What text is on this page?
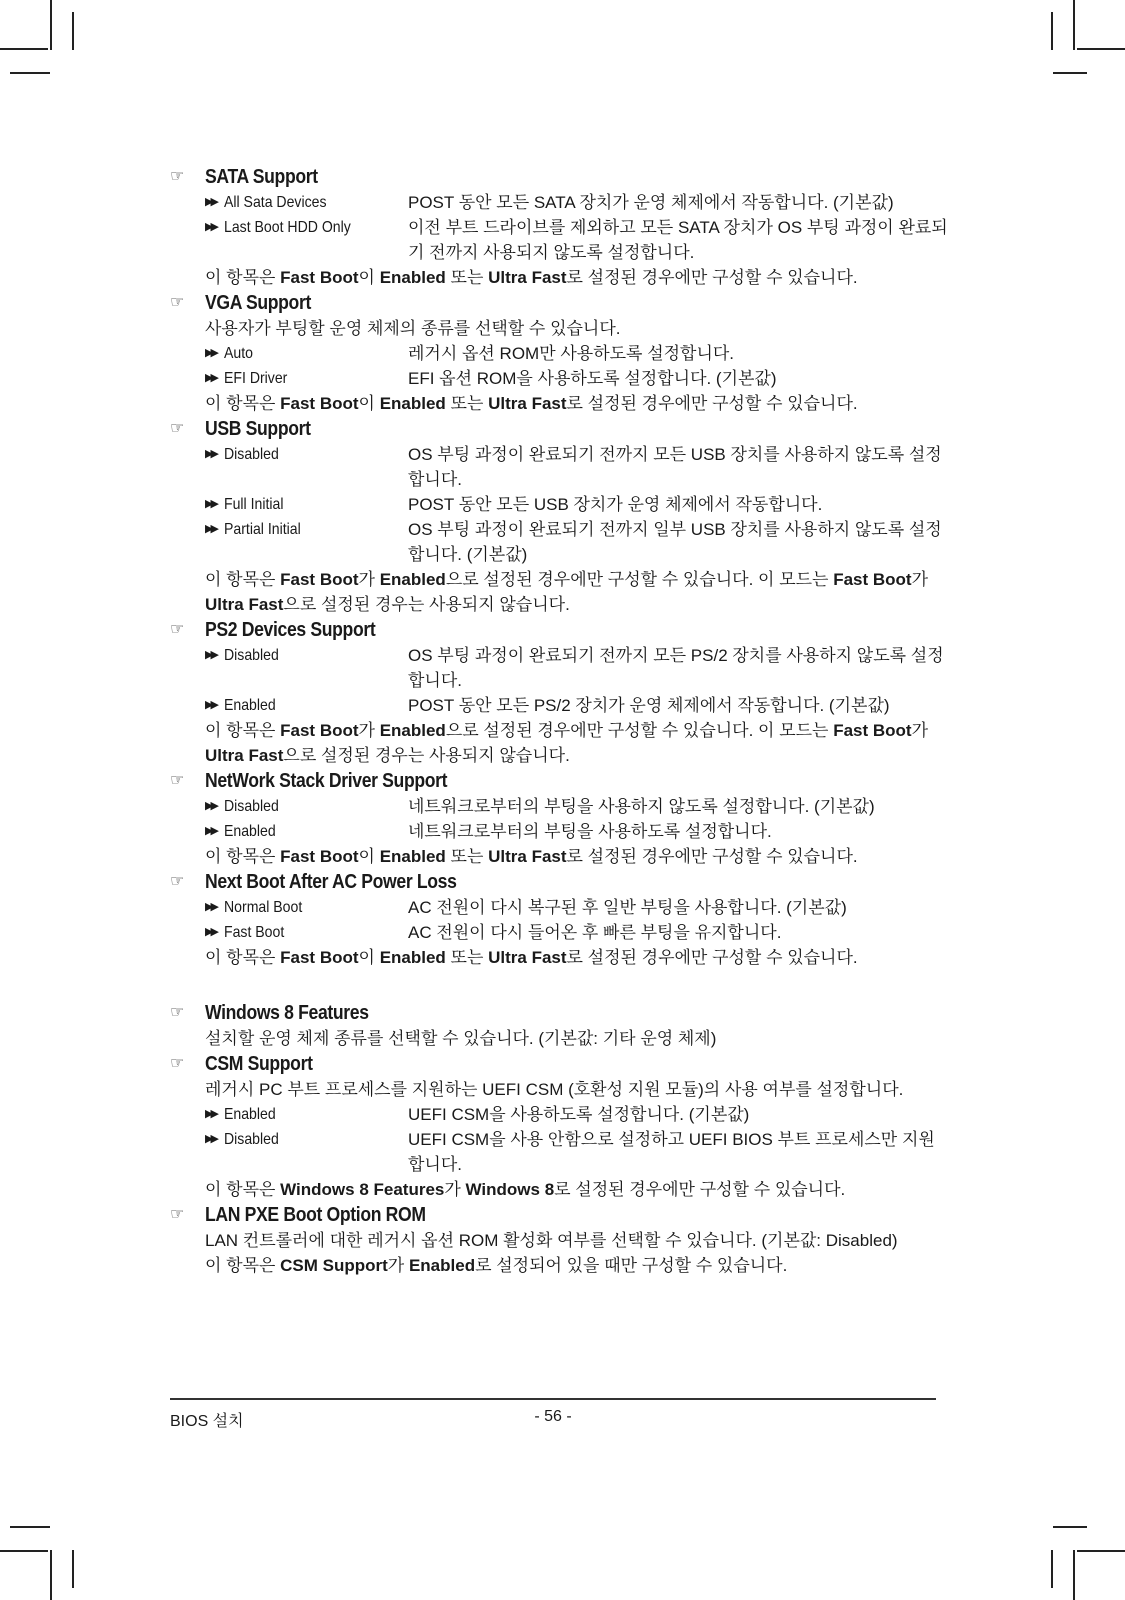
☞ SATA Support
▶▶ All Sata Devices	POST 동안 모든 SATA 장치가 운영 체제에서 작동합니다. (기본값)
▶▶ Last Boot HDD Only	이전 부트 드라이브를 제외하고 모든 SATA 장치가 OS 부팅 과정이 완료되기 전까지 사용되지 않도록 설정합니다.
이 항목은 Fast Boot이 Enabled 또는 Ultra Fast로 설정된 경우에만 구성할 수 있습니다.
☞ VGA Support
사용자가 부팅할 운영 체제의 종류를 선택할 수 있습니다.
▶▶ Auto	레거시 옵션 ROM만 사용하도록 설정합니다.
▶▶ EFI Driver	EFI 옵션 ROM을 사용하도록 설정합니다. (기본값)
이 항목은 Fast Boot이 Enabled 또는 Ultra Fast로 설정된 경우에만 구성할 수 있습니다.
☞ USB Support
▶▶ Disabled	OS 부팅 과정이 완료되기 전까지 모든 USB 장치를 사용하지 않도록 설정합니다.
▶▶ Full Initial	POST 동안 모든 USB 장치가 운영 체제에서 작동합니다.
▶▶ Partial Initial	OS 부팅 과정이 완료되기 전까지 일부 USB 장치를 사용하지 않도록 설정합니다. (기본값)
이 항목은 Fast Boot가 Enabled으로 설정된 경우에만 구성할 수 있습니다. 이 모드는 Fast Boot가 Ultra Fast으로 설정된 경우는 사용되지 않습니다.
☞ PS2 Devices Support
▶▶ Disabled	OS 부팅 과정이 완료되기 전까지 모든 PS/2 장치를 사용하지 않도록 설정합니다.
▶▶ Enabled	POST 동안 모든 PS/2 장치가 운영 체제에서 작동합니다. (기본값)
이 항목은 Fast Boot가 Enabled으로 설정된 경우에만 구성할 수 있습니다. 이 모드는 Fast Boot가 Ultra Fast으로 설정된 경우는 사용되지 않습니다.
☞ NetWork Stack Driver Support
▶▶ Disabled	네트워크로부터의 부팅을 사용하지 않도록 설정합니다. (기본값)
▶▶ Enabled	네트워크로부터의 부팅을 사용하도록 설정합니다.
이 항목은 Fast Boot이 Enabled 또는 Ultra Fast로 설정된 경우에만 구성할 수 있습니다.
☞ Next Boot After AC Power Loss
▶▶ Normal Boot	AC 전원이 다시 복구된 후 일반 부팅을 사용합니다. (기본값)
▶▶ Fast Boot	AC 전원이 다시 들어온 후 빠른 부팅을 유지합니다.
이 항목은 Fast Boot이 Enabled 또는 Ultra Fast로 설정된 경우에만 구성할 수 있습니다.
☞ Windows 8 Features
설치할 운영 체제 종류를 선택할 수 있습니다. (기본값: 기타 운영 체제)
☞ CSM Support
레거시 PC 부트 프로세스를 지원하는 UEFI CSM (호환성 지원 모듈)의 사용 여부를 설정합니다.
▶▶ Enabled	UEFI CSM을 사용하도록 설정합니다. (기본값)
▶▶ Disabled	UEFI CSM을 사용 안함으로 설정하고 UEFI BIOS 부트 프로세스만 지원합니다.
이 항목은 Windows 8 Features가 Windows 8로 설정된 경우에만 구성할 수 있습니다.
☞ LAN PXE Boot Option ROM
LAN 컨트롤러에 대한 레거시 옵션 ROM 활성화 여부를 선택할 수 있습니다. (기본값: Disabled)
이 항목은 CSM Support가 Enabled로 설정되어 있을 때만 구성할 수 있습니다.
BIOS 설치	- 56 -
